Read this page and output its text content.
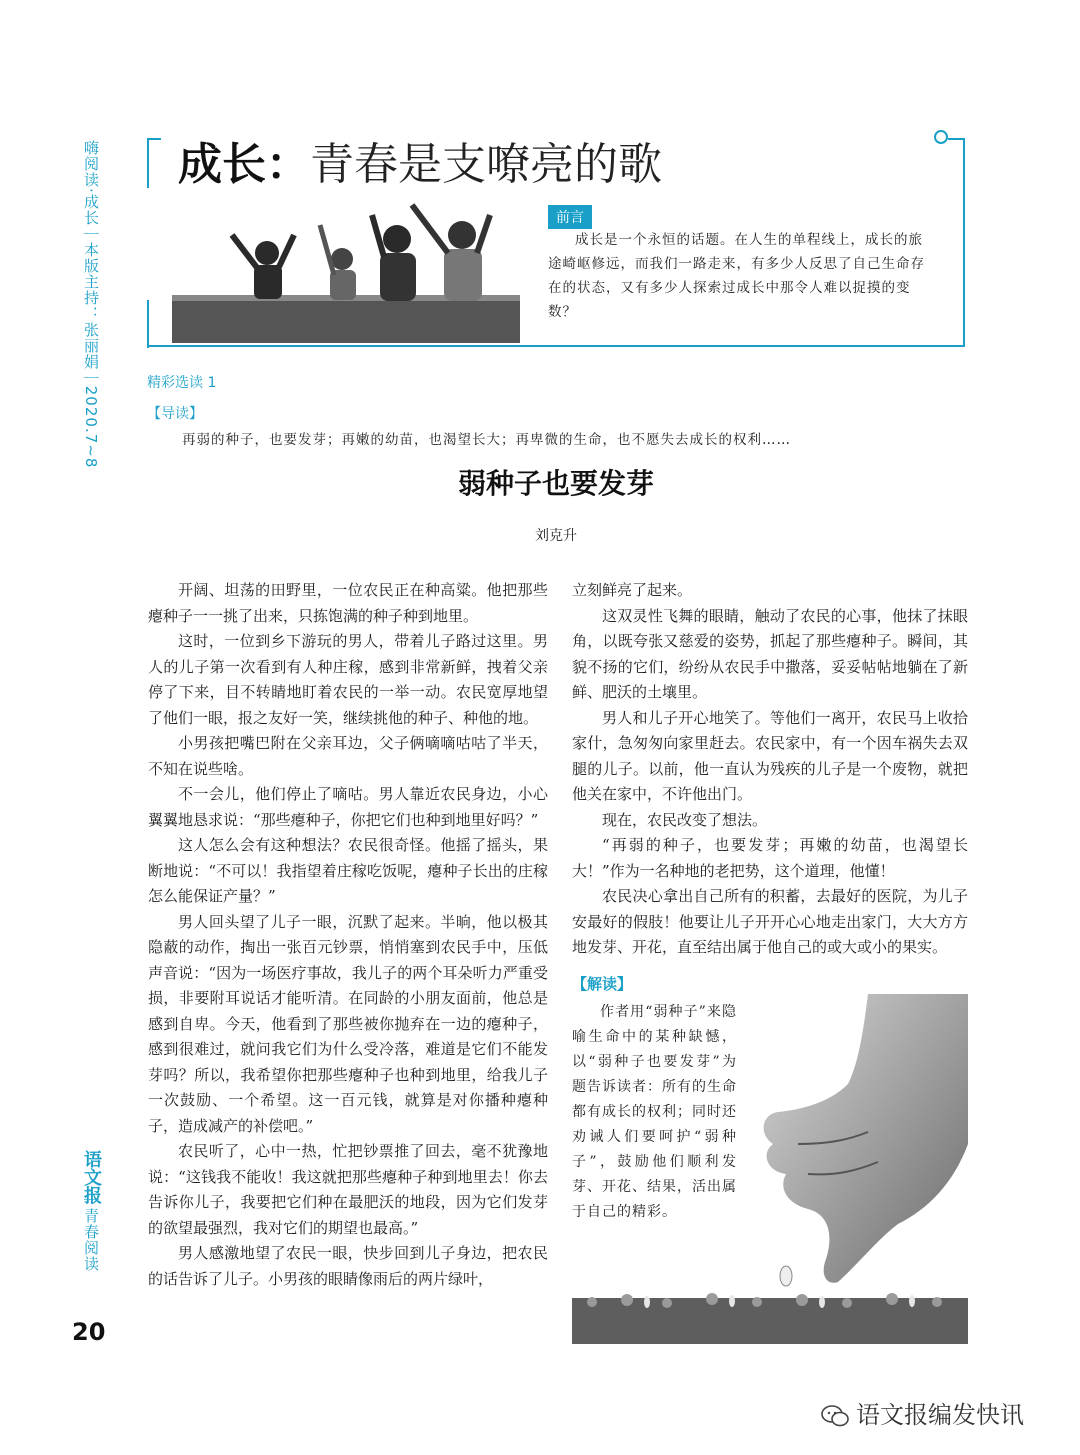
嗨阅读·成长｜本版主持：张丽娟｜2020.7~8
语文报
｜青春阅读
20
成长：青春是支嘹亮的歌
前言
成长是一个永恒的话题。在人生的单程线上，成长的旅途崎岖修远，而我们一路走来，有多少人反思了自己生命存在的状态，又有多少人探索过成长中那令人难以捉摸的变数？
精彩选读 1
【导读】
再弱的种子，也要发芽；再嫩的幼苗，也渴望长大；再卑微的生命，也不愿失去成长的权利……
弱种子也要发芽
刘克升

开阔、坦荡的田野里，一位农民正在种高粱。他把那些瘪种子一一挑了出来，只拣饱满的种子种到地里。

这时，一位到乡下游玩的男人，带着儿子路过这里。男人的儿子第一次看到有人种庄稼，感到非常新鲜，拽着父亲停了下来，目不转睛地盯着农民的一举一动。农民宽厚地望了他们一眼，报之友好一笑，继续挑他的种子、种他的地。

小男孩把嘴巴附在父亲耳边，父子俩嘀嘀咕咕了半天，不知在说些啥。

不一会儿，他们停止了嘀咕。男人靠近农民身边，小心翼翼地恳求说：“那些瘪种子，你把它们也种到地里好吗？”

这人怎么会有这种想法？农民很奇怪。他摇了摇头，果断地说：“不可以！我指望着庄稼吃饭呢，瘪种子长出的庄稼怎么能保证产量？”

男人回头望了儿子一眼，沉默了起来。半晌，他以极其隐蔽的动作，掏出一张百元钞票，悄悄塞到农民手中，压低声音说：“因为一场医疗事故，我儿子的两个耳朵听力严重受损，非要附耳说话才能听清。在同龄的小朋友面前，他总是感到自卑。今天，他看到了那些被你抛弃在一边的瘪种子，感到很难过，就问我它们为什么受冷落，难道是它们不能发芽吗？所以，我希望你把那些瘪种子也种到地里，给我儿子一次鼓励、一个希望。这一百元钱，就算是对你播种瘪种子，造成减产的补偿吧。”

农民听了，心中一热，忙把钞票推了回去，毫不犹豫地说：“这钱我不能收！我这就把那些瘪种子种到地里去！你去告诉你儿子，我要把它们种在最肥沃的地段，因为它们发芽的欲望最强烈，我对它们的期望也最高。”

男人感激地望了农民一眼，快步回到儿子身边，把农民的话告诉了儿子。小男孩的眼睛像雨后的两片绿叶，

立刻鲜亮了起来。

这双灵性飞舞的眼睛，触动了农民的心事，他抹了抹眼角，以既夸张又慈爱的姿势，抓起了那些瘪种子。瞬间，其貌不扬的它们，纷纷从农民手中撒落，妥妥帖帖地躺在了新鲜、肥沃的土壤里。

男人和儿子开心地笑了。等他们一离开，农民马上收拾家什，急匆匆向家里赶去。农民家中，有一个因车祸失去双腿的儿子。以前，他一直认为残疾的儿子是一个废物，就把他关在家中，不许他出门。

现在，农民改变了想法。

“再弱的种子，也要发芽；再嫩的幼苗，也渴望长大！”作为一名种地的老把势，这个道理，他懂！

农民决心拿出自己所有的积蓄，去最好的医院，为儿子安最好的假肢！他要让儿子开开心心地走出家门，大大方方地发芽、开花，直至结出属于他自己的或大或小的果实。

【解读】

作者用“弱种子”来隐喻生命中的某种缺憾，以“弱种子也要发芽”为题告诉读者：所有的生命都有成长的权利；同时还劝诫人们要呵护“弱种子”，鼓励他们顺利发芽、开花、结果，活出属于自己的精彩。

语文报编发快讯
